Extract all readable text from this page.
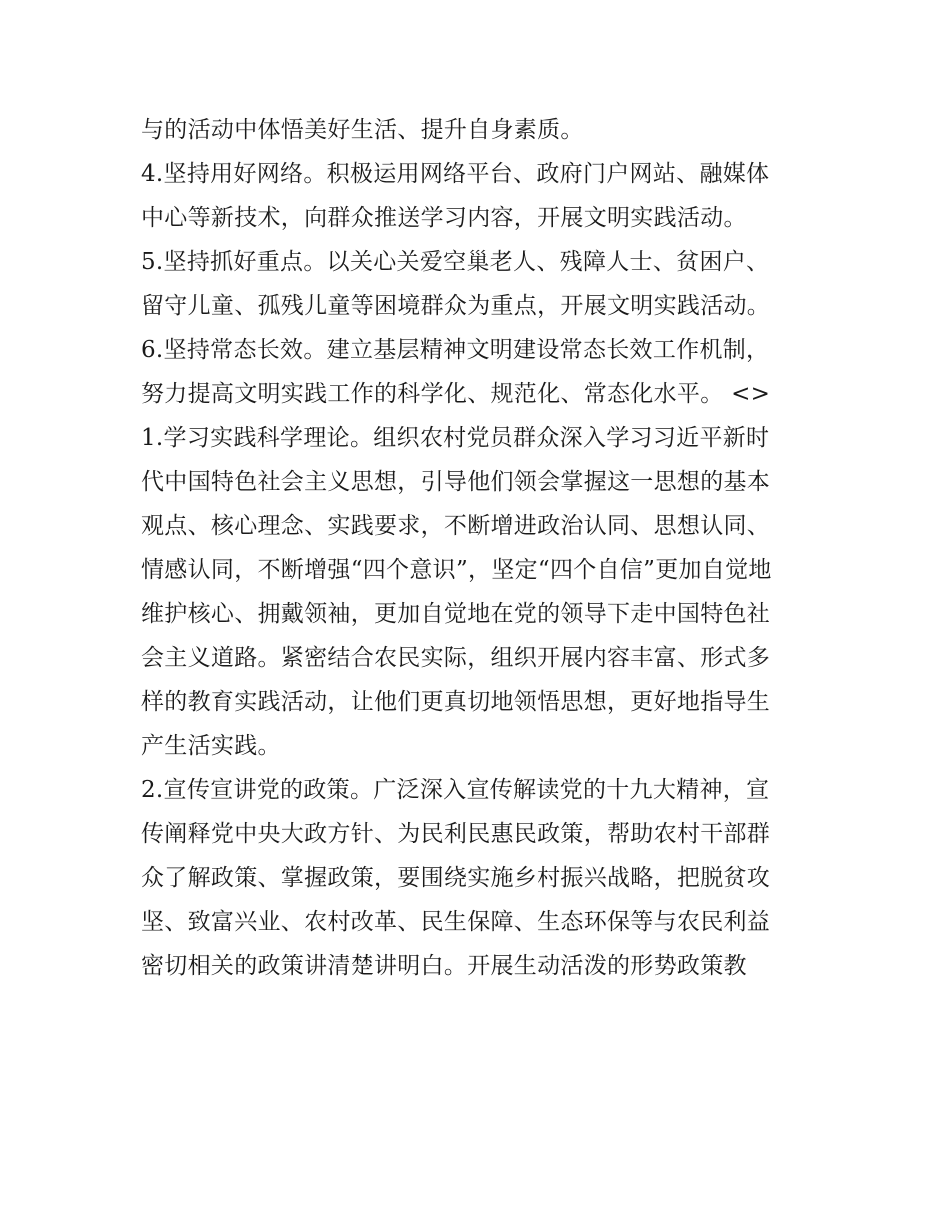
与的活动中体悟美好生活、提升自身素质。
4.坚持用好网络。积极运用网络平台、政府门户网站、融媒体
中心等新技术，向群众推送学习内容，开展文明实践活动。
5.坚持抓好重点。以关心关爱空巢老人、残障人士、贫困户、
留守儿童、孤残儿童等困境群众为重点，开展文明实践活动。
6.坚持常态长效。建立基层精神文明建设常态长效工作机制，
努力提高文明实践工作的科学化、规范化、常态化水平。 <>
1.学习实践科学理论。组织农村党员群众深入学习习近平新时
代中国特色社会主义思想，引导他们领会掌握这一思想的基本
观点、核心理念、实践要求，不断增进政治认同、思想认同、
情感认同，不断增强“四个意识”，坚定“四个自信”更加自觉地
维护核心、拥戴领袖，更加自觉地在党的领导下走中国特色社
会主义道路。紧密结合农民实际，组织开展内容丰富、形式多
样的教育实践活动，让他们更真切地领悟思想，更好地指导生
产生活实践。
2.宣传宣讲党的政策。广泛深入宣传解读党的十九大精神，宣
传阐释党中央大政方针、为民利民惠民政策，帮助农村干部群
众了解政策、掌握政策，要围绕实施乡村振兴战略，把脱贫攻
坚、致富兴业、农村改革、民生保障、生态环保等与农民利益
密切相关的政策讲清楚讲明白。开展生动活泼的形势政策教
